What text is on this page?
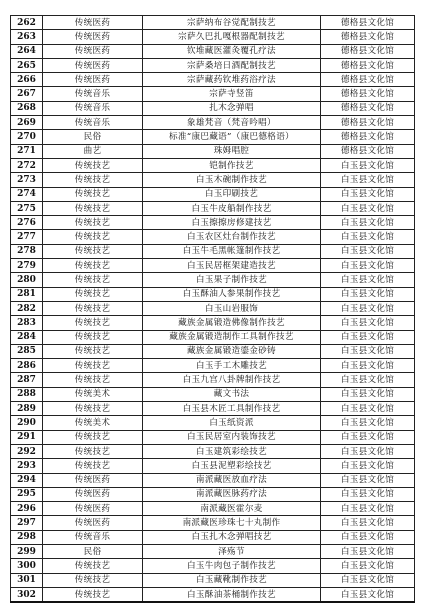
262	传统医药	宗萨纳布谷觉配制技艺	德格县文化馆
263	传统医药	宗萨久巴扎嘎根器配制技艺	德格县文化馆
264	传统医药	钦堆藏医灌灸覆孔疗法	德格县文化馆
265	传统医药	宗萨桑培日酒配制技艺	德格县文化馆
266	传统医药	宗萨藏药钦堆药浴疗法	德格县文化馆
267	传统音乐	宗萨寺竖笛	德格县文化馆
268	传统音乐	扎木念弹唱	德格县文化馆
269	传统音乐	象雄梵音（梵音吟唱）	德格县文化馆
270	民俗	标准“康巴藏语”（康巴德格语）	德格县文化馆
271	曲艺	珠姆唱腔	德格县文化馆
272	传统技艺	铠制作技艺	白玉县文化馆
273	传统技艺	白玉木碗制作技艺	白玉县文化馆
274	传统技艺	白玉印刷技艺	白玉县文化馆
275	传统技艺	白玉牛皮船制作技艺	白玉县文化馆
276	传统技艺	白玉擦擦房修建技艺	白玉县文化馆
277	传统技艺	白玉农区灶台制作技艺	白玉县文化馆
278	传统技艺	白玉牛毛黑帐篷制作技艺	白玉县文化馆
279	传统技艺	白玉民居框架建造技艺	白玉县文化馆
280	传统技艺	白玉果子制作技艺	白玉县文化馆
281	传统技艺	白玉酥油人参果制作技艺	白玉县文化馆
282	传统技艺	白玉山岩服饰	白玉县文化馆
283	传统技艺	藏族金属锻造佛像制作技艺	白玉县文化馆
284	传统技艺	藏族金属锻造制作工具制作技艺	白玉县文化馆
285	传统技艺	藏族金属锻造鎏金砂铸	白玉县文化馆
286	传统技艺	白玉手工木雕技艺	白玉县文化馆
287	传统技艺	白玉九宫八卦牌制作技艺	白玉县文化馆
288	传统美术	藏文书法	白玉县文化馆
289	传统技艺	白玉县木匠工具制作技艺	白玉县文化馆
290	传统美术	白玉纸资派	白玉县文化馆
291	传统技艺	白玉民居室内装饰技艺	白玉县文化馆
292	传统技艺	白玉建筑彩绘技艺	白玉县文化馆
293	传统技艺	白玉县泥塑彩绘技艺	白玉县文化馆
294	传统医药	南派藏医放血疗法	白玉县文化馆
295	传统医药	南派藏医脉药疗法	白玉县文化馆
296	传统医药	南派藏医霍尔麦	白玉县文化馆
297	传统医药	南派藏医珍珠七十丸制作	白玉县文化馆
298	传统音乐	白玉扎木念弹唱技艺	白玉县文化馆
299	民俗	泽殇节	白玉县文化馆
300	传统技艺	白玉牛肉包子制作技艺	白玉县文化馆
301	传统技艺	白玉藏靴制作技艺	白玉县文化馆
302	传统技艺	白玉酥油茶桶制作技艺	白玉县文化馆
